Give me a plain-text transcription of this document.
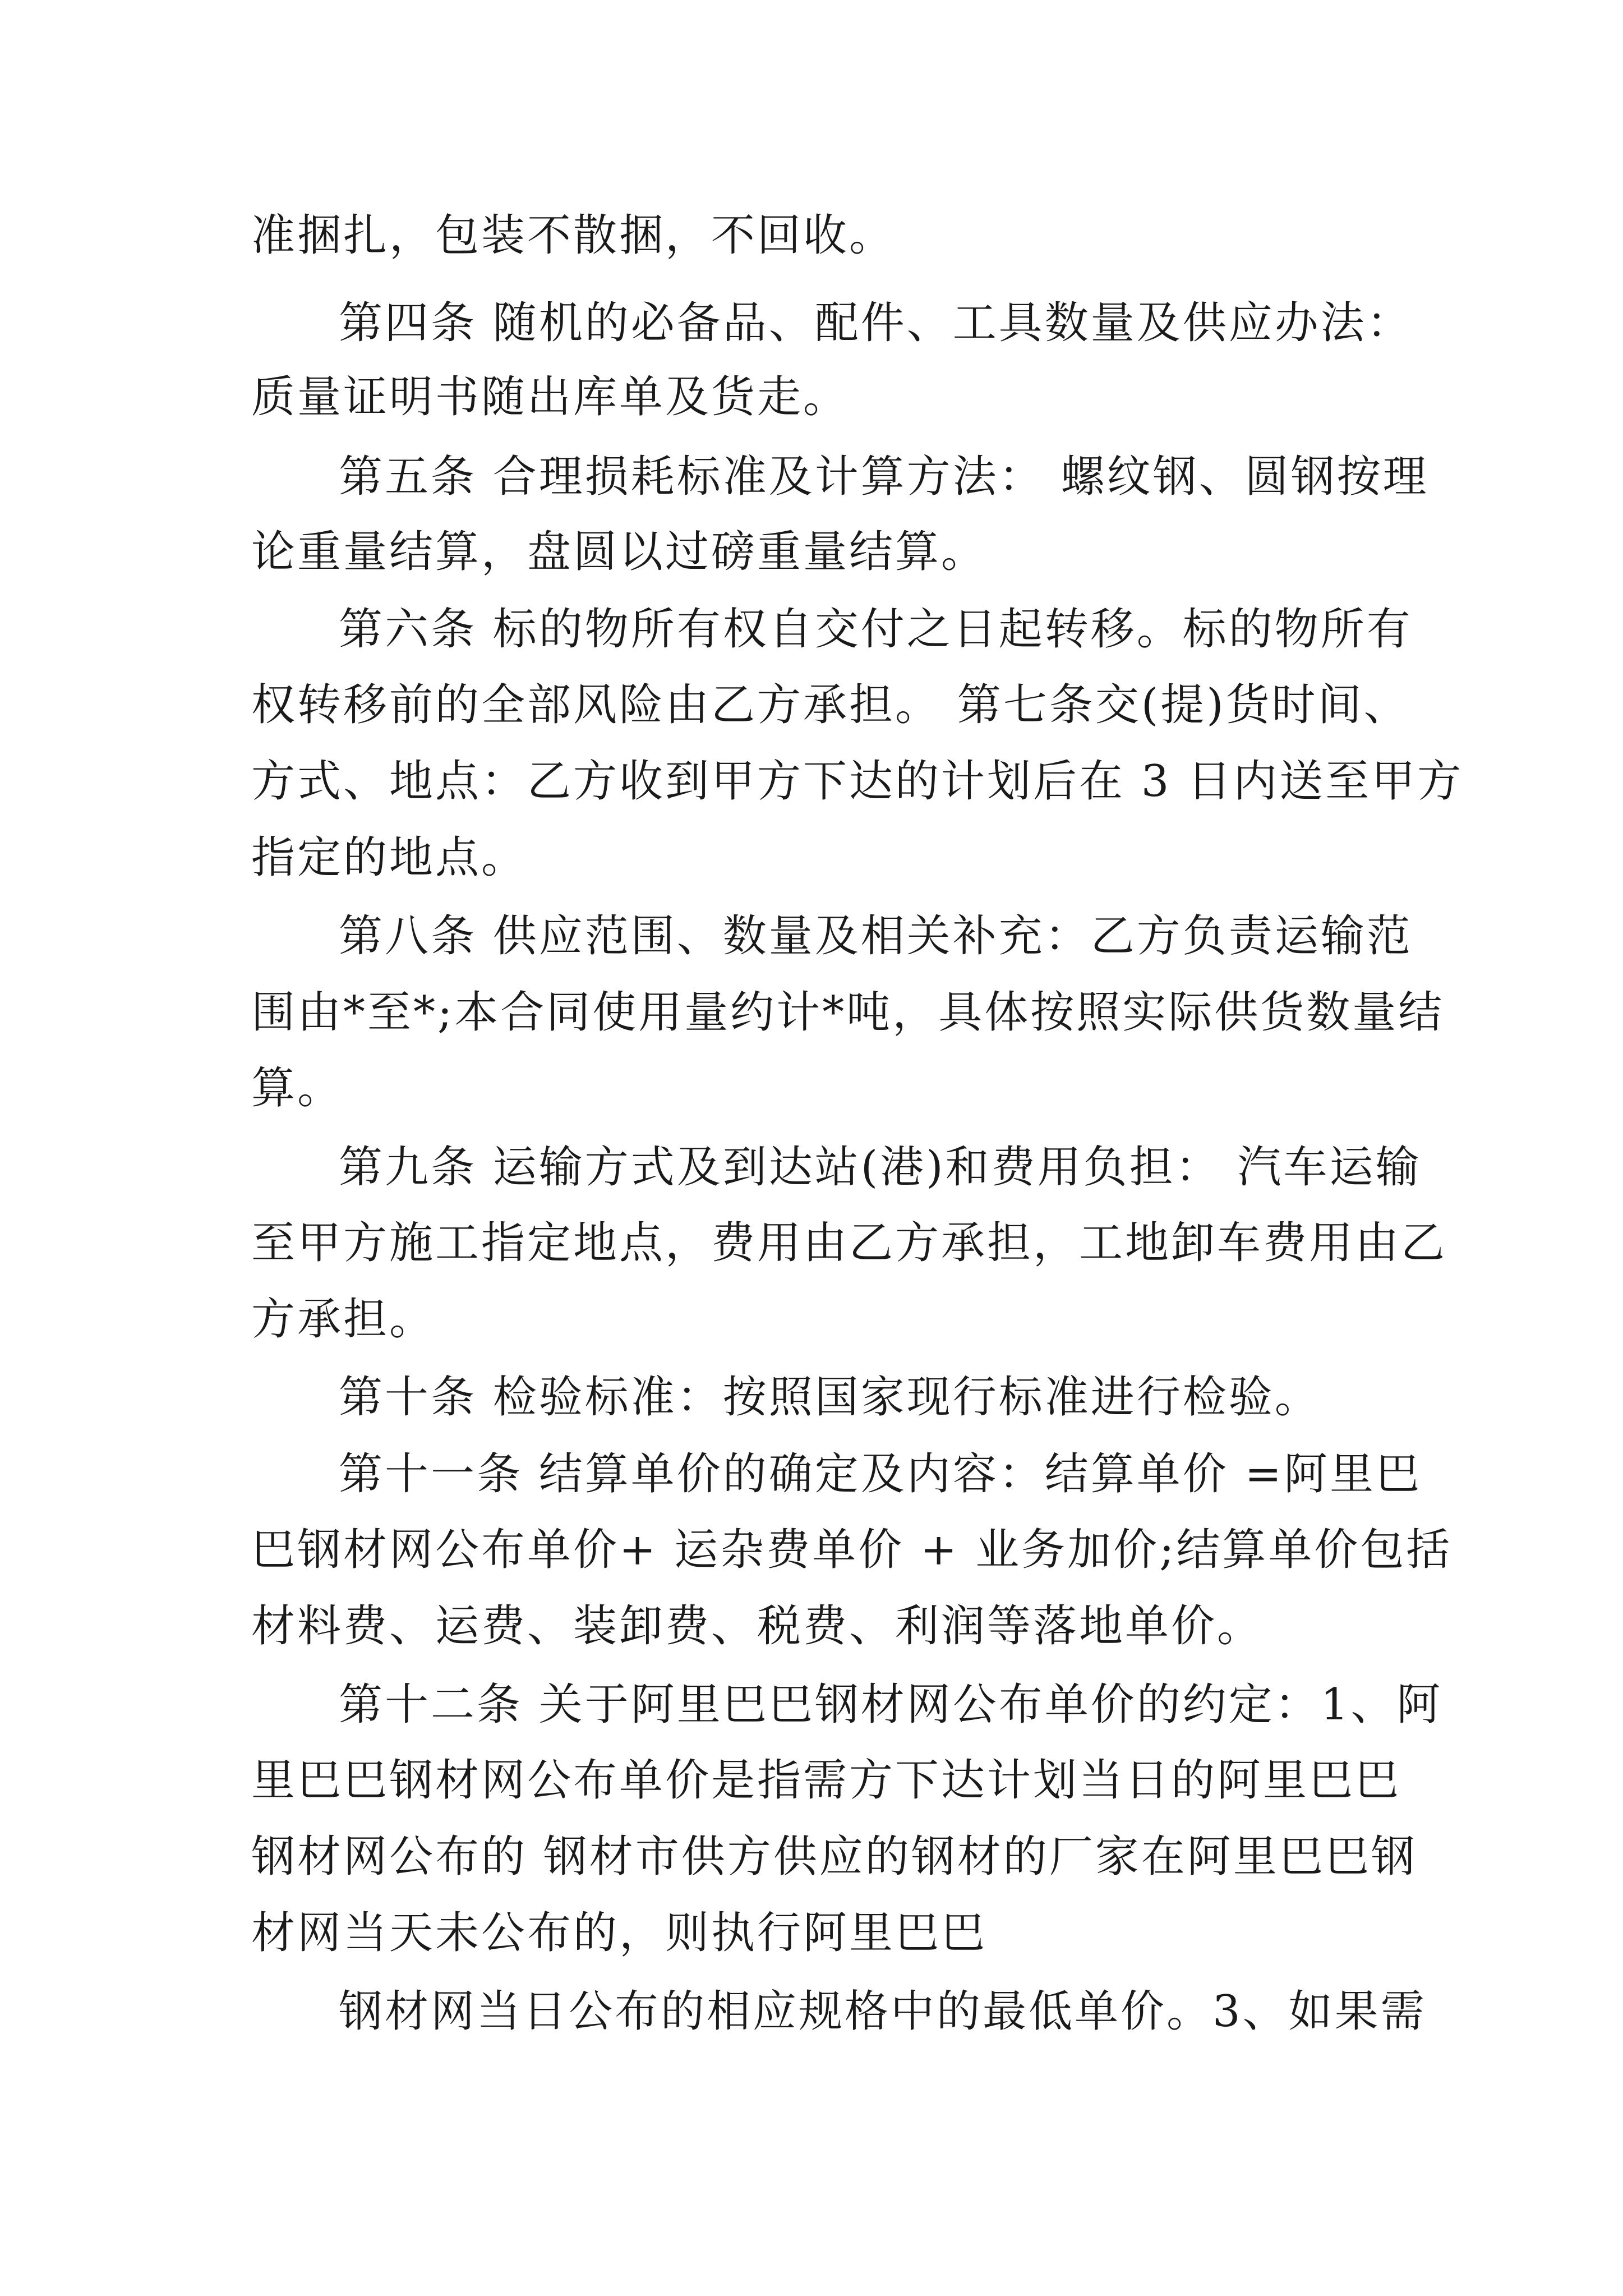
准捆扎，包装不散捆，不回收。
第四条 随机的必备品、配件、工具数量及供应办法：
质量证明书随出库单及货走。
第五条 合理损耗标准及计算方法： 螺纹钢、圆钢按理
论重量结算，盘圆以过磅重量结算。
第六条 标的物所有权自交付之日起转移。标的物所有
权转移前的全部风险由乙方承担。 第七条交(提)货时间、
方式、地点：乙方收到甲方下达的计划后在 3 日内送至甲方
指定的地点。
第八条 供应范围、数量及相关补充：乙方负责运输范
围由*至*;本合同使用量约计*吨，具体按照实际供货数量结
算。
第九条 运输方式及到达站(港)和费用负担： 汽车运输
至甲方施工指定地点，费用由乙方承担，工地卸车费用由乙
方承担。
第十条 检验标准：按照国家现行标准进行检验。
第十一条 结算单价的确定及内容：结算单价 =阿里巴
巴钢材网公布单价+ 运杂费单价 + 业务加价;结算单价包括
材料费、运费、装卸费、税费、利润等落地单价。
第十二条 关于阿里巴巴钢材网公布单价的约定：1、阿
里巴巴钢材网公布单价是指需方下达计划当日的阿里巴巴
钢材网公布的 钢材市供方供应的钢材的厂家在阿里巴巴钢
材网当天未公布的，则执行阿里巴巴
钢材网当日公布的相应规格中的最低单价。3、如果需
